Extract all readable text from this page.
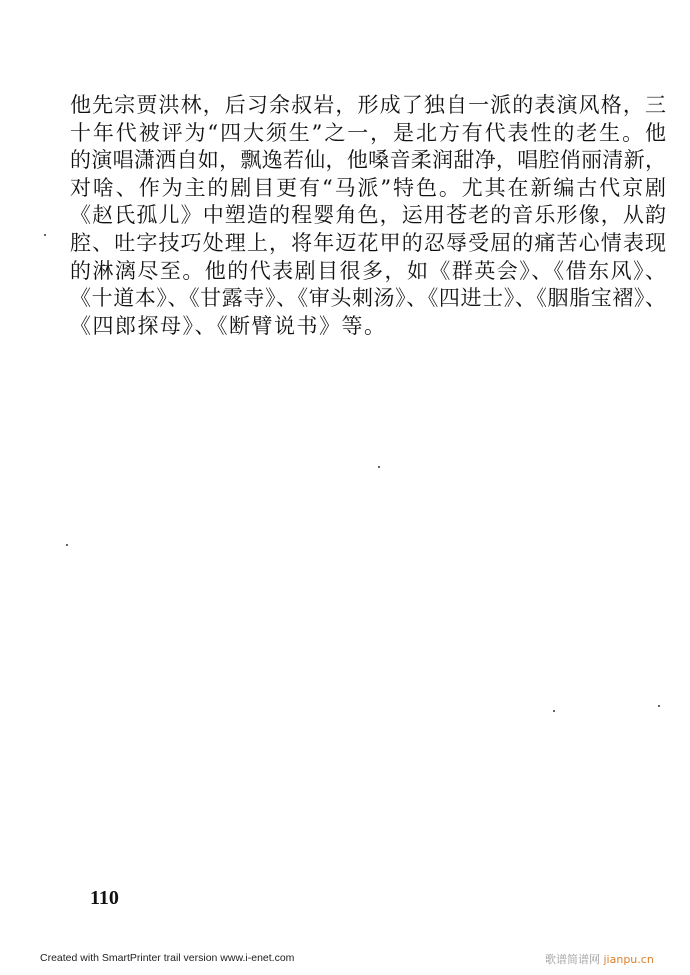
他先宗贾洪林，后习余叔岩，形成了独自一派的表演风格，三
十年代被评为“四大须生”之一，是北方有代表性的老生。他
的演唱潇洒自如，飘逸若仙，他嗓音柔润甜净，唱腔俏丽清新，
对啥、作为主的剧目更有“马派”特色。尤其在新编古代京剧
《赵氏孤儿》中塑造的程婴角色，运用苍老的音乐形像，从韵
腔、吐字技巧处理上，将年迈花甲的忍辱受屈的痛苦心情表现
的淋漓尽至。他的代表剧目很多，如《群英会》、《借东风》、
《十道本》、《甘露寺》、《审头刺汤》、《四进士》、《胭脂宝褶》、
《四郎探母》、《断臂说书》等。
110
Created with SmartPrinter trail version www.i-enet.com	歌谱简谱网 jianpu.cn
